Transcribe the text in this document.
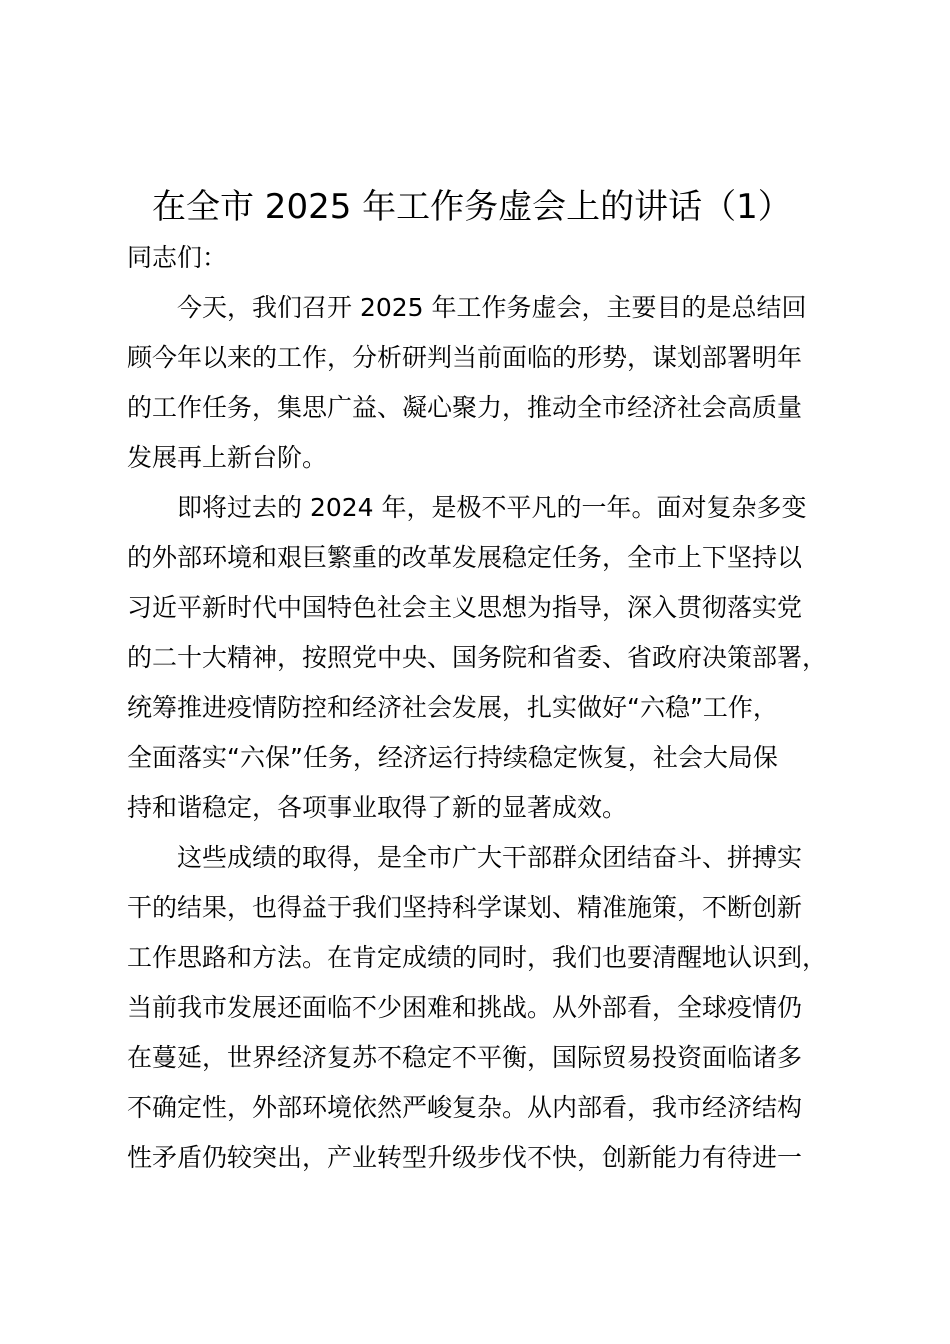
在全市 2025 年工作务虚会上的讲话（1）

同志们：

今天，我们召开 2025 年工作务虚会，主要目的是总结回
顾今年以来的工作，分析研判当前面临的形势，谋划部署明年
的工作任务，集思广益、凝心聚力，推动全市经济社会高质量
发展再上新台阶。
即将过去的 2024 年，是极不平凡的一年。面对复杂多变
的外部环境和艰巨繁重的改革发展稳定任务，全市上下坚持以
习近平新时代中国特色社会主义思想为指导，深入贯彻落实党
的二十大精神，按照党中央、国务院和省委、省政府决策部署，
统筹推进疫情防控和经济社会发展，扎实做好“六稳”工作，
全面落实“六保”任务，经济运行持续稳定恢复，社会大局保
持和谐稳定，各项事业取得了新的显著成效。
这些成绩的取得，是全市广大干部群众团结奋斗、拼搏实
干的结果，也得益于我们坚持科学谋划、精准施策，不断创新
工作思路和方法。在肯定成绩的同时，我们也要清醒地认识到，
当前我市发展还面临不少困难和挑战。从外部看，全球疫情仍
在蔓延，世界经济复苏不稳定不平衡，国际贸易投资面临诸多
不确定性，外部环境依然严峻复杂。从内部看，我市经济结构
性矛盾仍较突出，产业转型升级步伐不快，创新能力有待进一
